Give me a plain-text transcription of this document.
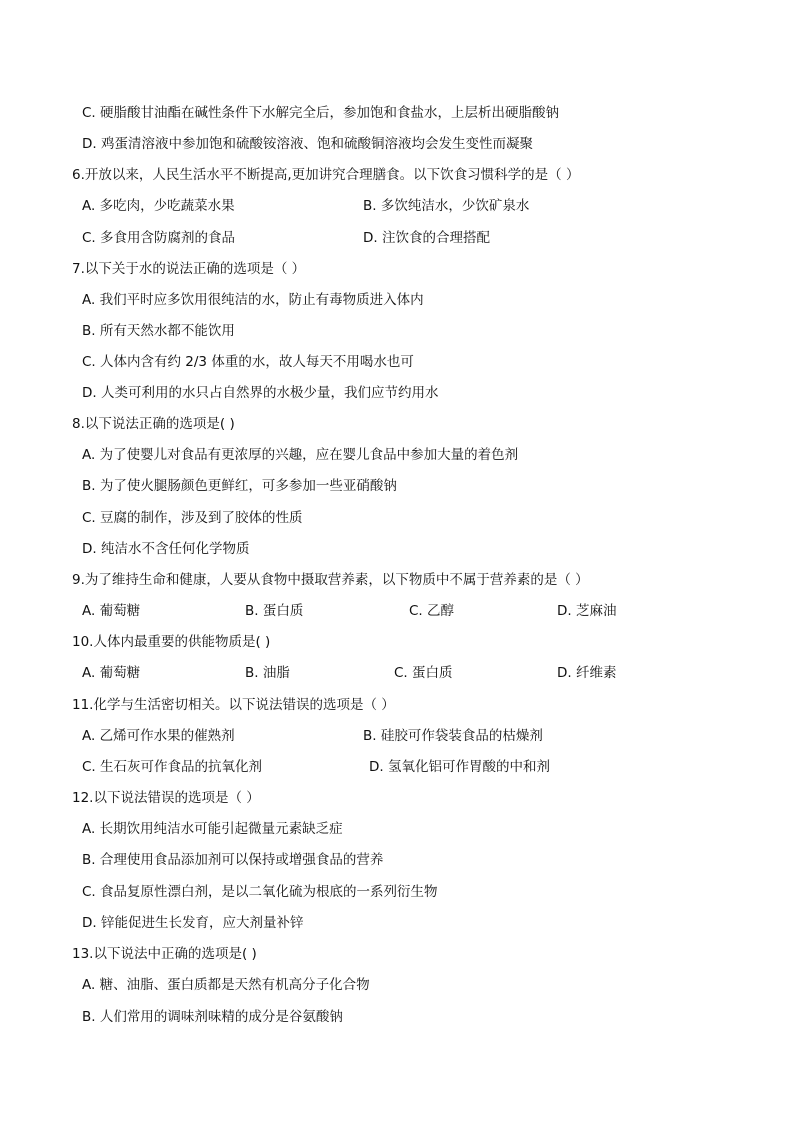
C. 硬脂酸甘油酯在碱性条件下水解完全后，参加饱和食盐水，上层析出硬脂酸钠
D. 鸡蛋清溶液中参加饱和硫酸铵溶液、饱和硫酸铜溶液均会发生变性而凝聚
6.开放以来，人民生活水平不断提高,更加讲究合理膳食。以下饮食习惯科学的是（ ）
A. 多吃肉，少吃蔬菜水果	B. 多饮纯洁水，少饮矿泉水
C. 多食用含防腐剂的食品	D. 注饮食的合理搭配
7.以下关于水的说法正确的选项是（ ）
A. 我们平时应多饮用很纯洁的水，防止有毒物质进入体内
B. 所有天然水都不能饮用
C. 人体内含有约 2/3 体重的水，故人每天不用喝水也可
D. 人类可利用的水只占自然界的水极少量，我们应节约用水
8.以下说法正确的选项是( )
A. 为了使婴儿对食品有更浓厚的兴趣，应在婴儿食品中参加大量的着色剂
B. 为了使火腿肠颜色更鲜红，可多参加一些亚硝酸钠
C. 豆腐的制作，涉及到了胶体的性质
D. 纯洁水不含任何化学物质
9.为了维持生命和健康，人要从食物中摄取营养素，以下物质中不属于营养素的是（ ）
A. 葡萄糖	B. 蛋白质	C. 乙醇	D. 芝麻油
10.人体内最重要的供能物质是( )
A. 葡萄糖	B. 油脂	C. 蛋白质	D. 纤维素
11.化学与生活密切相关。以下说法错误的选项是（ ）
A. 乙烯可作水果的催熟剂	B. 硅胶可作袋装食品的枯燥剂
C. 生石灰可作食品的抗氧化剂	D. 氢氧化铝可作胃酸的中和剂
12.以下说法错误的选项是（ ）
A. 长期饮用纯洁水可能引起微量元素缺乏症
B. 合理使用食品添加剂可以保持或增强食品的营养
C. 食品复原性漂白剂，是以二氧化硫为根底的一系列衍生物
D. 锌能促进生长发育，应大剂量补锌
13.以下说法中正确的选项是( )
A. 糖、油脂、蛋白质都是天然有机高分子化合物
B. 人们常用的调味剂味精的成分是谷氨酸钠
